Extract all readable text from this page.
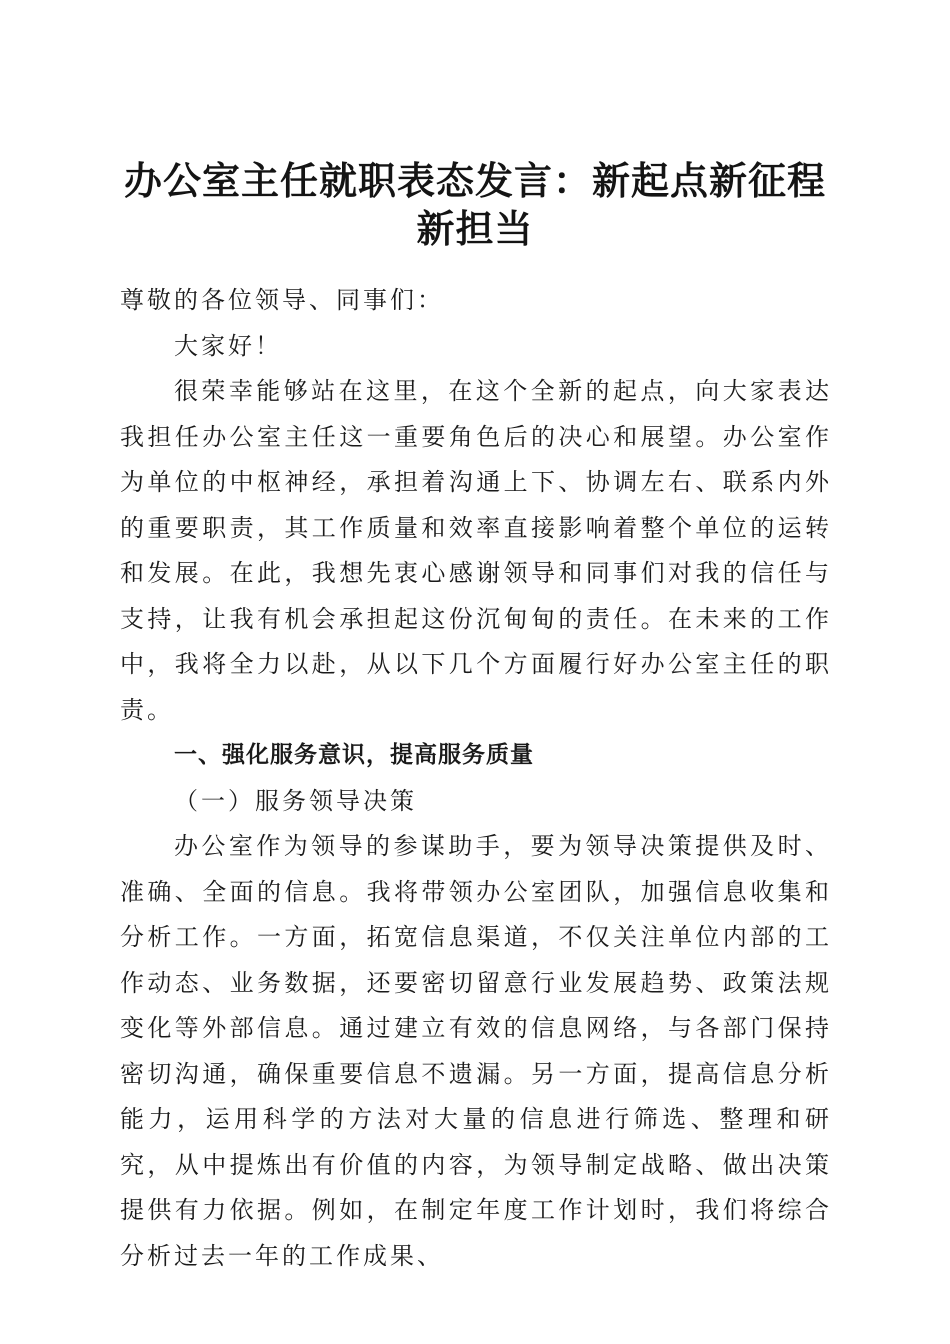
办公室主任就职表态发言：新起点新征程新担当

尊敬的各位领导、同事们：

大家好！

很荣幸能够站在这里，在这个全新的起点，向大家表达我担任办公室主任这一重要角色后的决心和展望。办公室作为单位的中枢神经，承担着沟通上下、协调左右、联系内外的重要职责，其工作质量和效率直接影响着整个单位的运转和发展。在此，我想先衷心感谢领导和同事们对我的信任与支持，让我有机会承担起这份沉甸甸的责任。在未来的工作中，我将全力以赴，从以下几个方面履行好办公室主任的职责。

一、强化服务意识，提高服务质量

（一）服务领导决策

办公室作为领导的参谋助手，要为领导决策提供及时、准确、全面的信息。我将带领办公室团队，加强信息收集和分析工作。一方面，拓宽信息渠道，不仅关注单位内部的工作动态、业务数据，还要密切留意行业发展趋势、政策法规变化等外部信息。通过建立有效的信息网络，与各部门保持密切沟通，确保重要信息不遗漏。另一方面，提高信息分析能力，运用科学的方法对大量的信息进行筛选、整理和研究，从中提炼出有价值的内容，为领导制定战略、做出决策提供有力依据。例如，在制定年度工作计划时，我们将综合分析过去一年的工作成果、
